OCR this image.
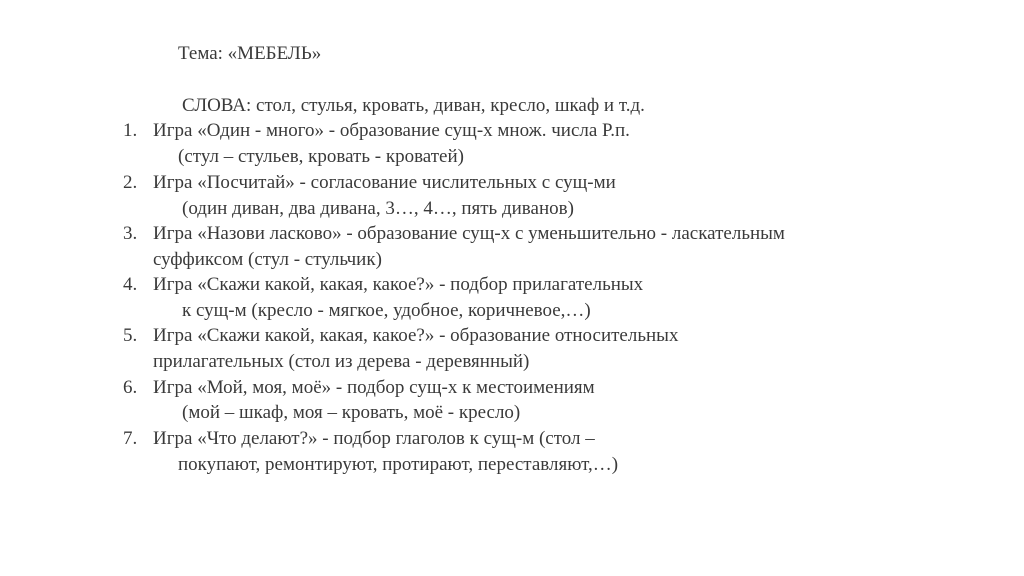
Тема: «МЕБЕЛЬ»
СЛОВА: стол, стулья, кровать, диван, кресло, шкаф и т.д.
1. Игра «Один - много» - образование сущ-х множ. числа Р.п.
(стул – стульев, кровать - кроватей)
2. Игра «Посчитай» - согласование числительных с сущ-ми
(один диван, два дивана, 3…, 4…, пять диванов)
3. Игра «Назови ласково» - образование сущ-х с уменьшительно - ласкательным
суффиксом (стул - стульчик)
4. Игра «Скажи какой, какая, какое?» - подбор прилагательных
к сущ-м (кресло - мягкое, удобное, коричневое,…)
5. Игра «Скажи какой, какая, какое?» - образование относительных
прилагательных (стол из дерева - деревянный)
6. Игра «Мой, моя, моё» - подбор сущ-х к местоимениям
(мой – шкаф, моя – кровать, моё - кресло)
7. Игра «Что делают?» - подбор глаголов к сущ-м (стол –
покупают, ремонтируют, протирают, переставляют,…)
